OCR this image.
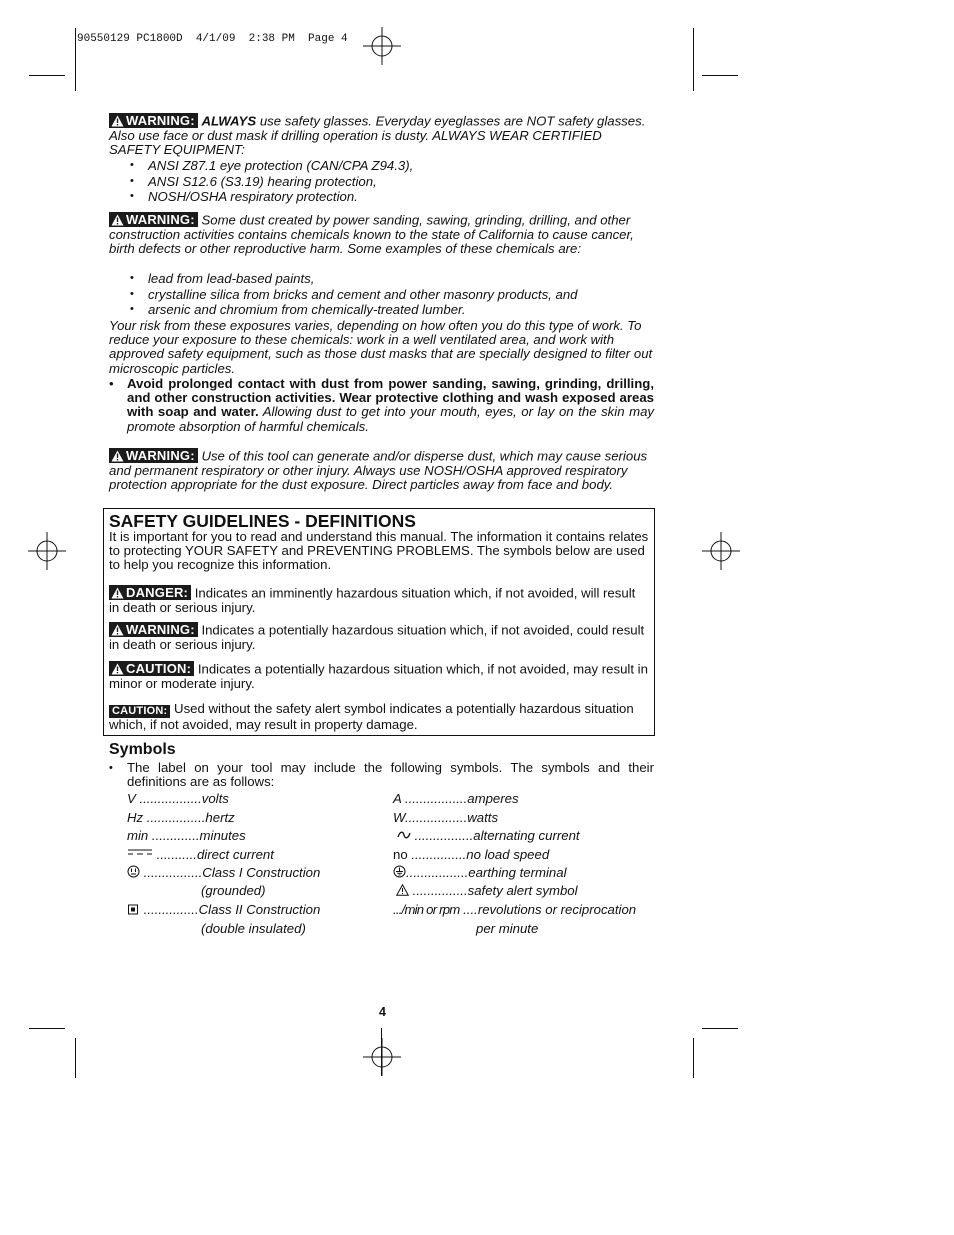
90550129 PC1800D  4/1/09  2:38 PM  Page 4
WARNING: ALWAYS use safety glasses. Everyday eyeglasses are NOT safety glasses. Also use face or dust mask if drilling operation is dusty. ALWAYS WEAR CERTIFIED SAFETY EQUIPMENT:
• ANSI Z87.1 eye protection (CAN/CPA Z94.3),
• ANSI S12.6 (S3.19) hearing protection,
• NOSH/OSHA respiratory protection.
WARNING: Some dust created by power sanding, sawing, grinding, drilling, and other construction activities contains chemicals known to the state of California to cause cancer, birth defects or other reproductive harm. Some examples of these chemicals are:
• lead from lead-based paints,
• crystalline silica from bricks and cement and other masonry products, and
• arsenic and chromium from chemically-treated lumber.
Your risk from these exposures varies, depending on how often you do this type of work. To reduce your exposure to these chemicals: work in a well ventilated area, and work with approved safety equipment, such as those dust masks that are specially designed to filter out microscopic particles.
• Avoid prolonged contact with dust from power sanding, sawing, grinding, drilling, and other construction activities. Wear protective clothing and wash exposed areas with soap and water. Allowing dust to get into your mouth, eyes, or lay on the skin may promote absorption of harmful chemicals.
WARNING: Use of this tool can generate and/or disperse dust, which may cause serious and permanent respiratory or other injury. Always use NOSH/OSHA approved respiratory protection appropriate for the dust exposure. Direct particles away from face and body.
SAFETY GUIDELINES - DEFINITIONS
It is important for you to read and understand this manual. The information it contains relates to protecting YOUR SAFETY and PREVENTING PROBLEMS. The symbols below are used to help you recognize this information.
DANGER: Indicates an imminently hazardous situation which, if not avoided, will result in death or serious injury.
WARNING: Indicates a potentially hazardous situation which, if not avoided, could result in death or serious injury.
CAUTION: Indicates a potentially hazardous situation which, if not avoided, may result in minor or moderate injury.
CAUTION: Used without the safety alert symbol indicates a potentially hazardous situation which, if not avoided, may result in property damage.
Symbols
• The label on your tool may include the following symbols. The symbols and their definitions are as follows:
V .................volts
Hz ................hertz
min .............minutes
...........direct current
................Class I Construction
(grounded)
...............Class II Construction
(double insulated)
A .................amperes
W.................watts
................alternating current
no ...............no load speed
.................earthing terminal
...............safety alert symbol
.../min or rpm ....revolutions or reciprocation
per minute
4
